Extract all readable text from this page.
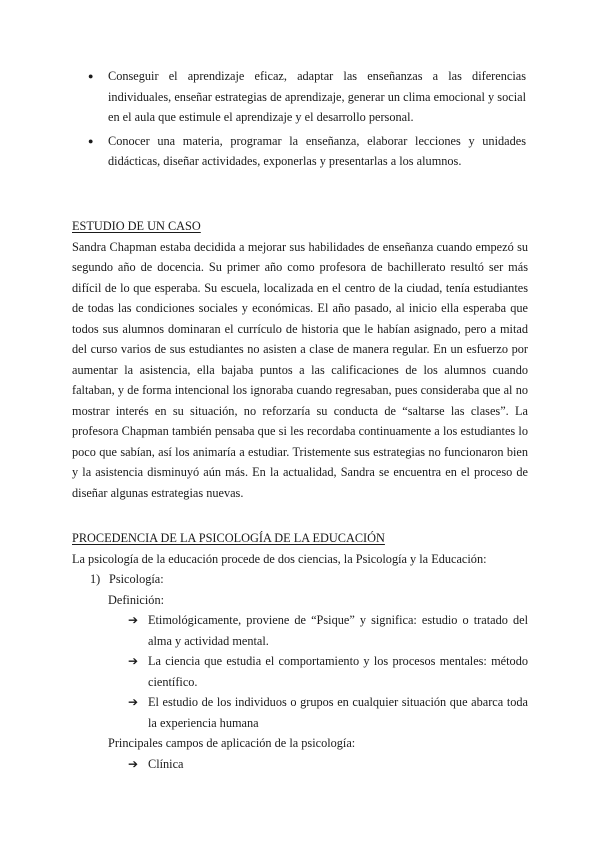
● Conseguir el aprendizaje eficaz, adaptar las enseñanzas a las diferencias individuales, enseñar estrategias de aprendizaje, generar un clima emocional y social en el aula que estimule el aprendizaje y el desarrollo personal.
● Conocer una materia, programar la enseñanza, elaborar lecciones y unidades didácticas, diseñar actividades, exponerlas y presentarlas a los alumnos.
ESTUDIO DE UN CASO
Sandra Chapman estaba decidida a mejorar sus habilidades de enseñanza cuando empezó su segundo año de docencia. Su primer año como profesora de bachillerato resultó ser más difícil de lo que esperaba. Su escuela, localizada en el centro de la ciudad, tenía estudiantes de todas las condiciones sociales y económicas. El año pasado, al inicio ella esperaba que todos sus alumnos dominaran el currículo de historia que le habían asignado, pero a mitad del curso varios de sus estudiantes no asisten a clase de manera regular. En un esfuerzo por aumentar la asistencia, ella bajaba puntos a las calificaciones de los alumnos cuando faltaban, y de forma intencional los ignoraba cuando regresaban, pues consideraba que al no mostrar interés en su situación, no reforzaría su conducta de “saltarse las clases”. La profesora Chapman también pensaba que si les recordaba continuamente a los estudiantes lo poco que sabían, así los animaría a estudiar. Tristemente sus estrategias no funcionaron bien y la asistencia disminuyó aún más. En la actualidad, Sandra se encuentra en el proceso de diseñar algunas estrategias nuevas.
PROCEDENCIA DE LA PSICOLOGÍA DE LA EDUCACIÓN
La psicología de la educación procede de dos ciencias, la Psicología y la Educación:
1) Psicología:
Definición:
➔ Etimológicamente, proviene de “Psique” y significa: estudio o tratado del alma y actividad mental.
➔ La ciencia que estudia el comportamiento y los procesos mentales: método científico.
➔ El estudio de los individuos o grupos en cualquier situación que abarca toda la experiencia humana
Principales campos de aplicación de la psicología:
➔ Clínica
